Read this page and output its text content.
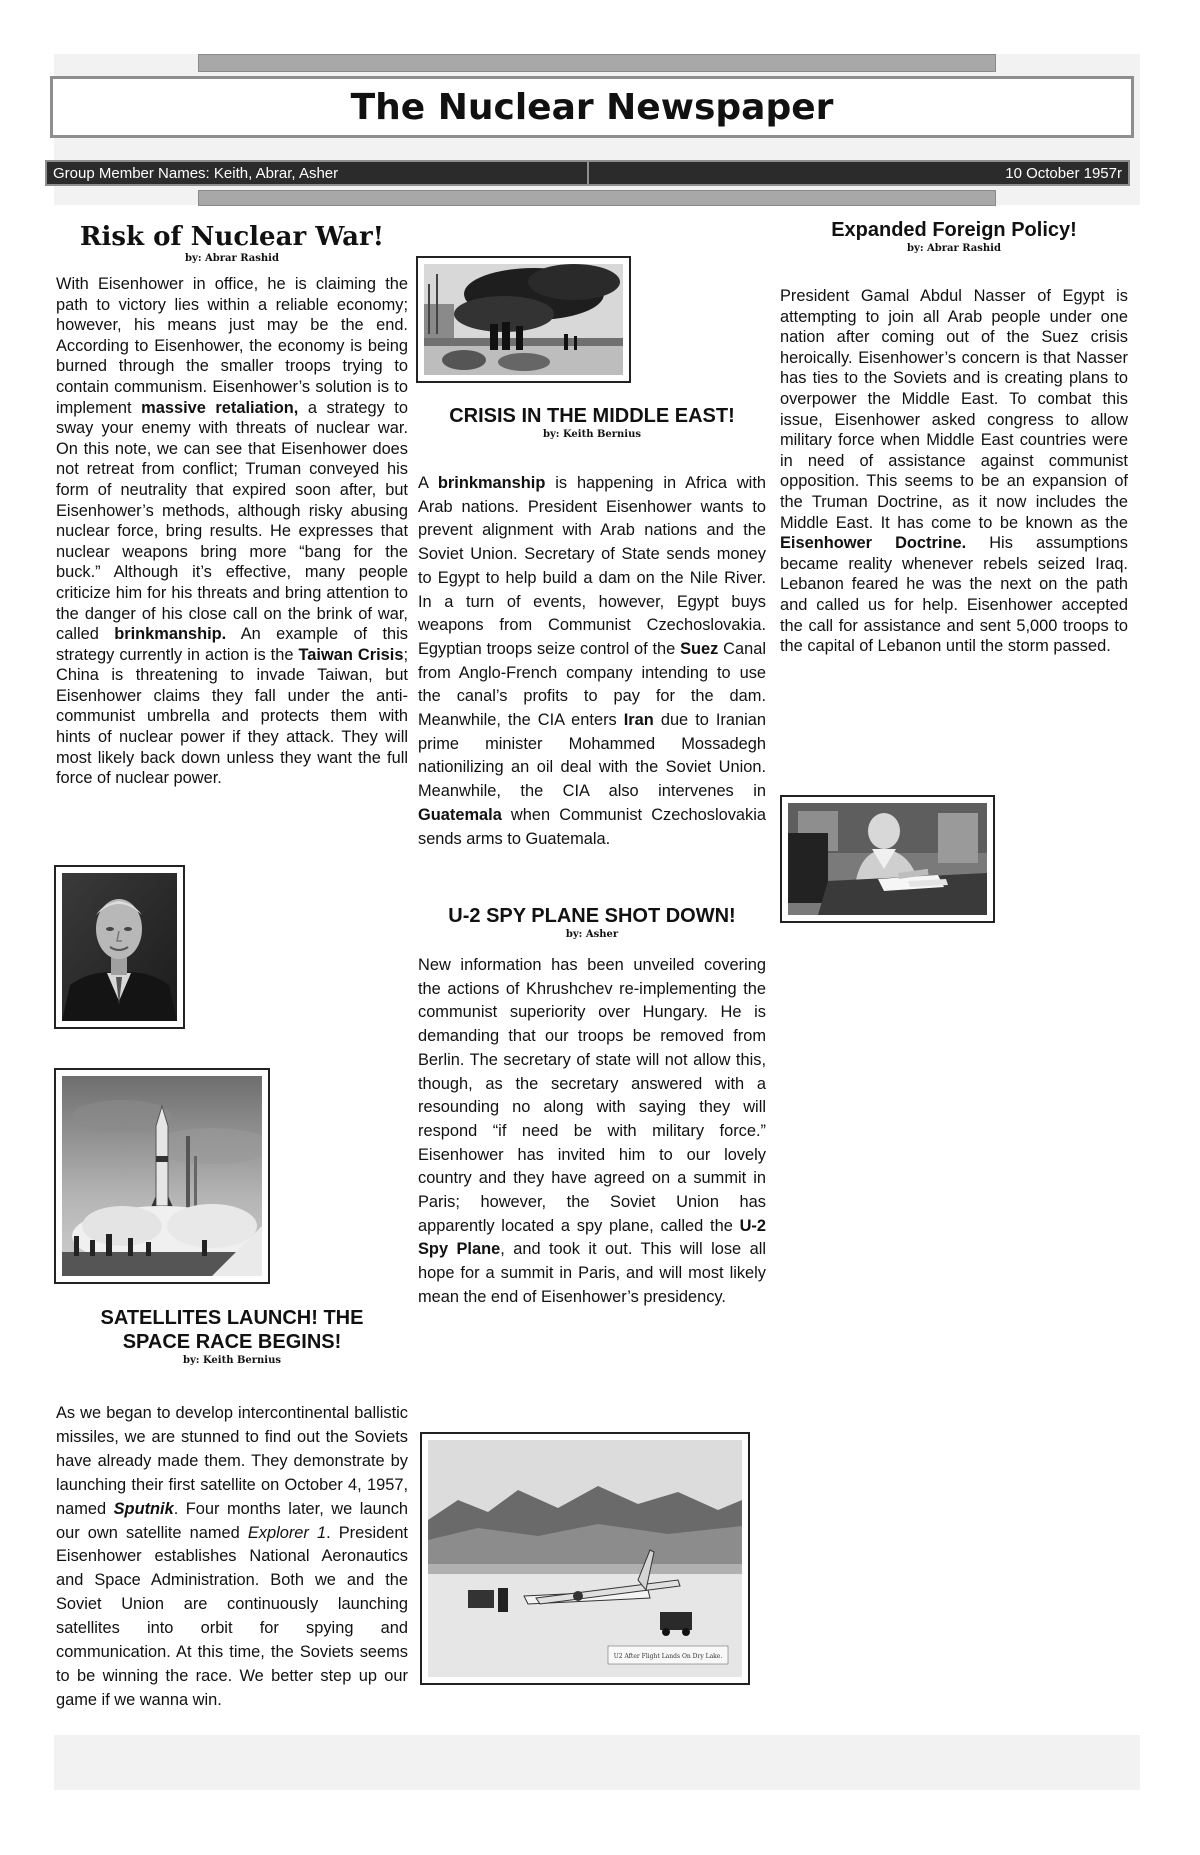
The Nuclear Newspaper
Group Member Names: Keith, Abrar, Asher	10 October 1957r
Risk of Nuclear War!
by: Abrar Rashid

With Eisenhower in office, he is claiming the path to victory lies within a reliable economy; however, his means just may be the end. According to Eisenhower, the economy is being burned through the smaller troops trying to contain communism. Eisenhower’s solution is to implement massive retaliation, a strategy to sway your enemy with threats of nuclear war. On this note, we can see that Eisenhower does not retreat from conflict; Truman conveyed his form of neutrality that expired soon after, but Eisenhower’s methods, although risky abusing nuclear force, bring results. He expresses that nuclear weapons bring more “bang for the buck.” Although it’s effective, many people criticize him for his threats and bring attention to the danger of his close call on the brink of war, called brinkmanship. An example of this strategy currently in action is the Taiwan Crisis; China is threatening to invade Taiwan, but Eisenhower claims they fall under the anti-communist umbrella and protects them with hints of nuclear power if they attack. They will most likely back down unless they want the full force of nuclear power.

SATELLITES LAUNCH! THE SPACE RACE BEGINS!
by: Keith Bernius

As we began to develop intercontinental ballistic missiles, we are stunned to find out the Soviets have already made them. They demonstrate by launching their first satellite on October 4, 1957, named Sputnik. Four months later, we launch our own satellite named Explorer 1. President Eisenhower establishes National Aeronautics and Space Administration. Both we and the Soviet Union are continuously launching satellites into orbit for spying and communication. At this time, the Soviets seems to be winning the race. We better step up our game if we wanna win.

CRISIS IN THE MIDDLE EAST!
by: Keith Bernius

A brinkmanship is happening in Africa with Arab nations. President Eisenhower wants to prevent alignment with Arab nations and the Soviet Union. Secretary of State sends money to Egypt to help build a dam on the Nile River. In a turn of events, however, Egypt buys weapons from Communist Czechoslovakia. Egyptian troops seize control of the Suez Canal from Anglo-French company intending to use the canal’s profits to pay for the dam. Meanwhile, the CIA enters Iran due to Iranian prime minister Mohammed Mossadegh nationilizing an oil deal with the Soviet Union. Meanwhile, the CIA also intervenes in Guatemala when Communist Czechoslovakia sends arms to Guatemala.

U-2 SPY PLANE SHOT DOWN!
by: Asher

New information has been unveiled covering the actions of Khrushchev re-implementing the communist superiority over Hungary. He is demanding that our troops be removed from Berlin. The secretary of state will not allow this, though, as the secretary answered with a resounding no along with saying they will respond “if need be with military force.” Eisenhower has invited him to our lovely country and they have agreed on a summit in Paris; however, the Soviet Union has apparently located a spy plane, called the U-2 Spy Plane, and took it out. This will lose all hope for a summit in Paris, and will most likely mean the end of Eisenhower’s presidency.

U2 After Flight Lands On Dry Lake.
Expanded Foreign Policy!
by: Abrar Rashid

President Gamal Abdul Nasser of Egypt is attempting to join all Arab people under one nation after coming out of the Suez crisis heroically. Eisenhower’s concern is that Nasser has ties to the Soviets and is creating plans to overpower the Middle East. To combat this issue, Eisenhower asked congress to allow military force when Middle East countries were in need of assistance against communist opposition. This seems to be an expansion of the Truman Doctrine, as it now includes the Middle East. It has come to be known as the Eisenhower Doctrine. His assumptions became reality whenever rebels seized Iraq. Lebanon feared he was the next on the path and called us for help. Eisenhower accepted the call for assistance and sent 5,000 troops to the capital of Lebanon until the storm passed.
